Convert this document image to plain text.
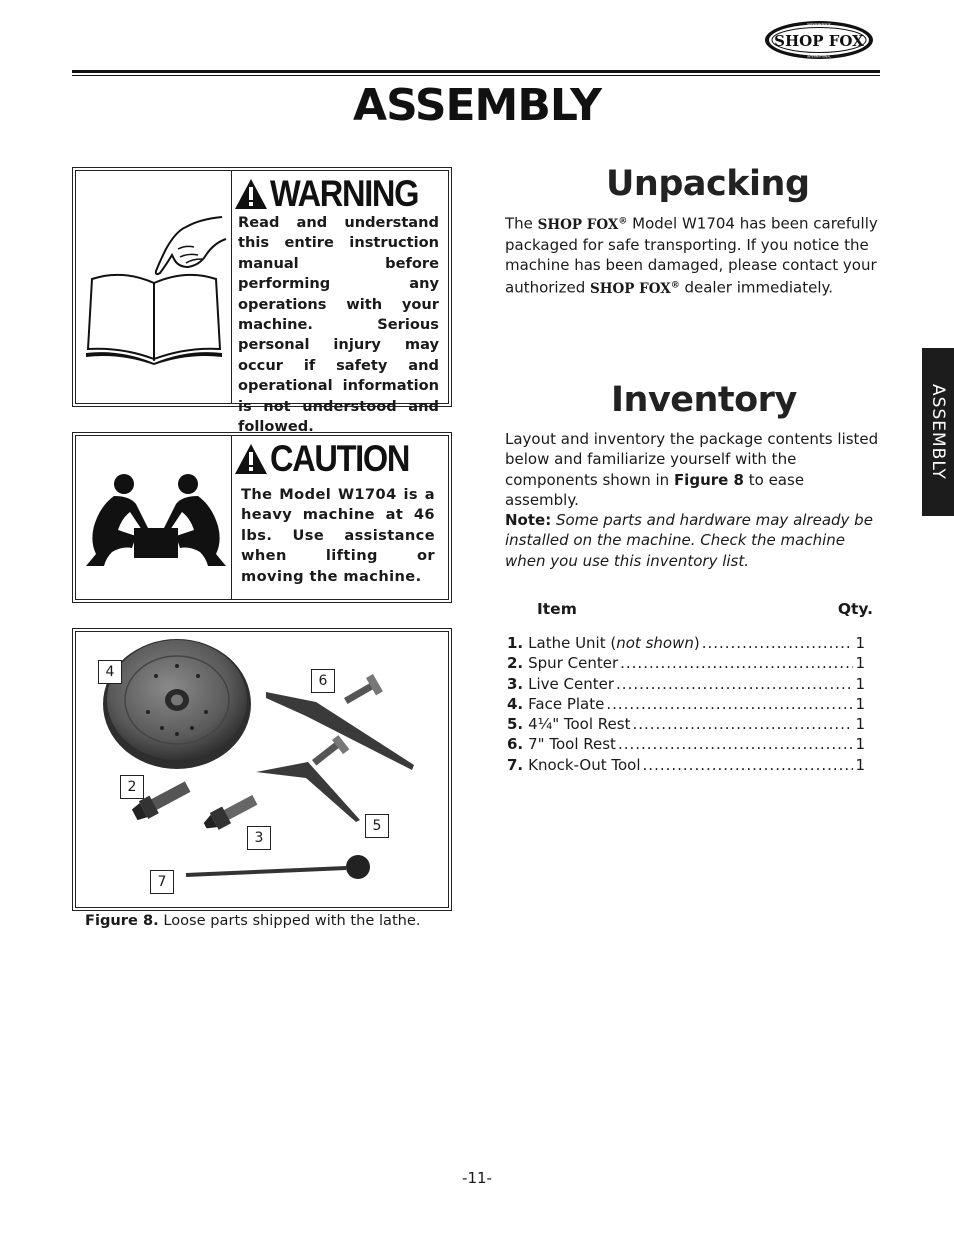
SHOP FOX
WOODSTOCK
INTERNATIONAL
ASSEMBLY
ASSEMBLY
WARNING
Read and understand this entire instruction manual before performing any operations with your machine. Serious personal injury may occur if safety and operational information is not understood and followed.
CAUTION
The Model W1704 is a heavy machine at 46 lbs. Use assistance when lifting or moving the machine.
4
6
2
5
3
7
Figure 8. Loose parts shipped with the lathe.
Unpacking
The SHOP FOX® Model W1704 has been carefully packaged for safe transporting. If you notice the machine has been damaged, please contact your authorized SHOP FOX® dealer immediately.
Inventory
Layout and inventory the package contents listed below and familiarize yourself with the components shown in Figure 8 to ease assembly.
Note: Some parts and hardware may already be installed on the machine. Check the machine when you use this inventory list.
Item	Qty.
1. Lathe Unit (not shown) .....	1
2. Spur Center .....	1
3. Live Center .....	1
4. Face Plate .....	1
5. 4¹⁄₄" Tool Rest .....	1
6. 7" Tool Rest .....	1
7. Knock-Out Tool .....	1
-11-
